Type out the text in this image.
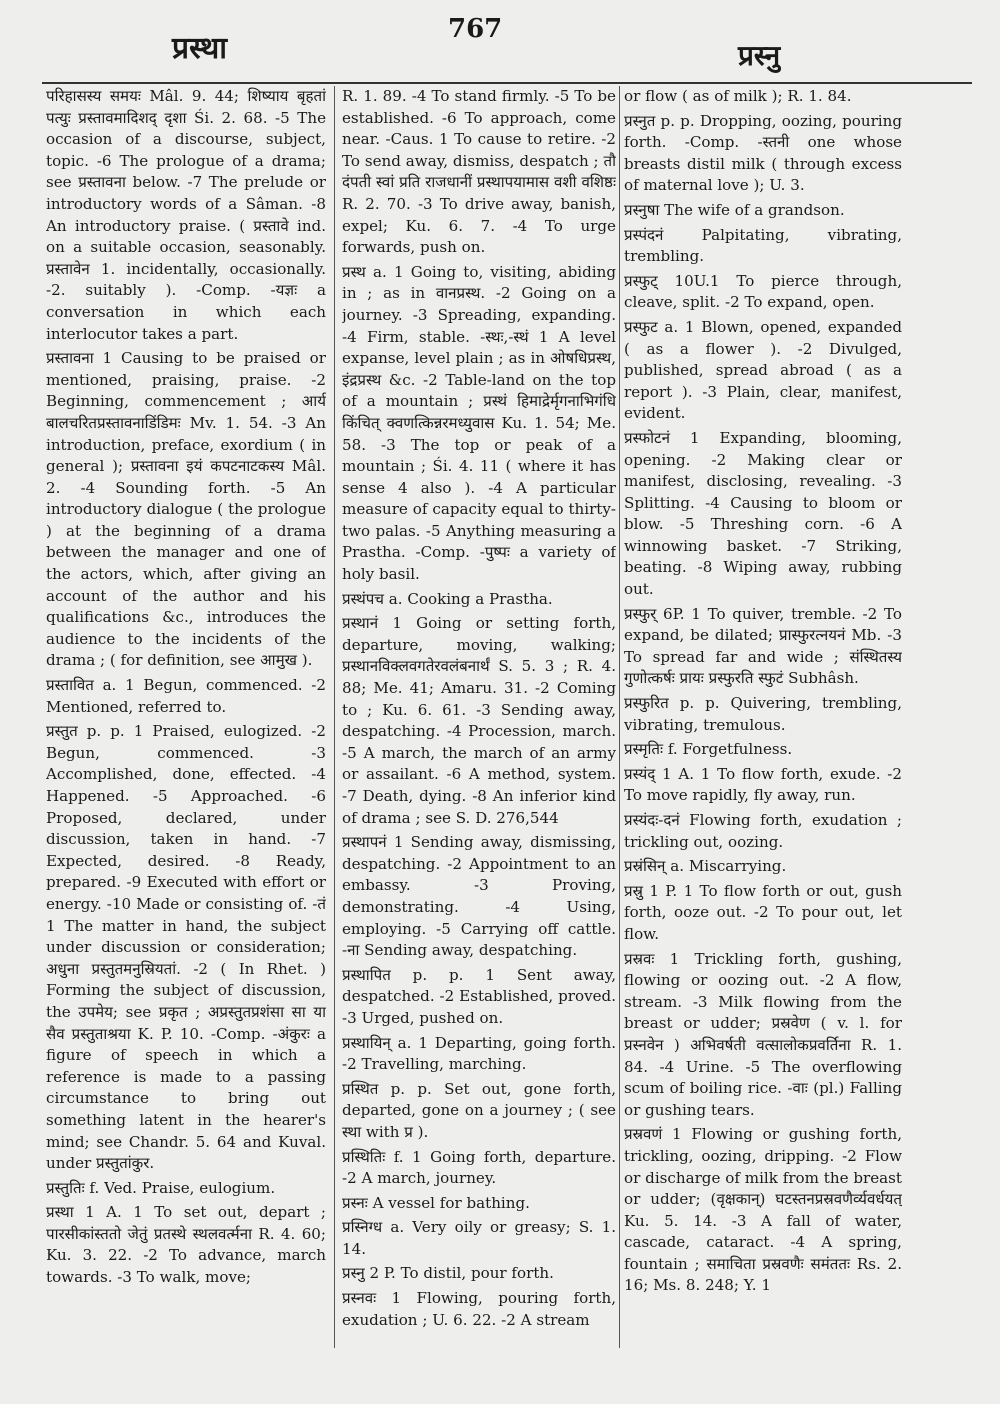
प्रस्था
767
प्रस्नु

परिहासस्य समयः Mâl. 9. 44; शिष्याय बृहतां पत्युः प्रस्तावमादिशद् दृशा Śi. 2. 68. -5 The occasion of a discourse, subject, topic. -6 The prologue of a drama; see प्रस्तावना below. -7 The prelude or introductory words of a Sâman. -8 An introductory praise. ( प्रस्तावे ind. on a suitable occasion, seasonably. प्रस्तावेन 1. incidentally, occasionally. -2. suitably ). -Comp. -यज्ञः a conversation in which each interlocutor takes a part.

प्रस्तावना 1 Causing to be praised or mentioned, praising, praise. -2 Beginning, commencement ; आर्य बालचरितप्रस्तावनाडिंडिमः Mv. 1. 54. -3 An introduction, preface, exordium ( in general ); प्रस्तावना इयं कपटनाटकस्य Mâl. 2. -4 Sounding forth. -5 An introductory dialogue ( the prologue ) at the beginning of a drama between the manager and one of the actors, which, after giving an account of the author and his qualifications &c., introduces the audience to the incidents of the drama ; ( for definition, see आमुख ).

प्रस्तावित a. 1 Begun, commenced. -2 Mentioned, referred to.

प्रस्तुत p. p. 1 Praised, eulogized. -2 Begun, commenced. -3 Accomplished, done, effected. -4 Happened. -5 Approached. -6 Proposed, declared, under discussion, taken in hand. -7 Expected, desired. -8 Ready, prepared. -9 Executed with effort or energy. -10 Made or consisting of. -तं 1 The matter in hand, the subject under discussion or consideration; अधुना प्रस्तुतमनुस्रियतां. -2 ( In Rhet. ) Forming the subject of discussion, the उपमेय; see प्रकृत ; अप्रस्तुतप्रशंसा सा या सैव प्रस्तुताश्रया K. P. 10. -Comp. -अंकुरः a figure of speech in which a reference is made to a passing circumstance to bring out something latent in the hearer's mind; see Chandr. 5. 64 and Kuval. under प्रस्तुतांकुर.

प्रस्तुतिः f. Ved. Praise, eulogium.

प्रस्था 1 A. 1 To set out, depart ; पारसीकांस्ततो जेतुं प्रतस्थे स्थलवर्त्मना R. 4. 60; Ku. 3. 22. -2 To advance, march towards. -3 To walk, move;

R. 1. 89. -4 To stand firmly. -5 To be established. -6 To approach, come near. -Caus. 1 To cause to retire. -2 To send away, dismiss, despatch ; तौ दंपती स्वां प्रति राजधानीं प्रस्थापयामास वशी वशिष्ठः R. 2. 70. -3 To drive away, banish, expel; Ku. 6. 7. -4 To urge forwards, push on.

प्रस्थ a. 1 Going to, visiting, abiding in ; as in वानप्रस्थ. -2 Going on a journey. -3 Spreading, expanding. -4 Firm, stable. -स्थः,-स्थं 1 A level expanse, level plain ; as in ओषधिप्रस्थ, इंद्रप्रस्थ &c. -2 Table-land on the top of a mountain ; प्रस्थं हिमाद्रेर्मृगनाभिगंधि किंचित् क्वणत्किन्नरमध्युवास Ku. 1. 54; Me. 58. -3 The top or peak of a mountain ; Śi. 4. 11 ( where it has sense 4 also ). -4 A particular measure of capacity equal to thirty-two palas. -5 Anything measuring a Prastha. -Comp. -पुष्पः a variety of holy basil.

प्रस्थंपच a. Cooking a Prastha.

प्रस्थानं 1 Going or setting forth, departure, moving, walking; प्रस्थानविक्लवगतेरवलंबनार्थं S. 5. 3 ; R. 4. 88; Me. 41; Amaru. 31. -2 Coming to ; Ku. 6. 61. -3 Sending away, despatching. -4 Procession, march. -5 A march, the march of an army or assailant. -6 A method, system. -7 Death, dying. -8 An inferior kind of drama ; see S. D. 276,544

प्रस्थापनं 1 Sending away, dismissing, despatching. -2 Appointment to an embassy. -3 Proving, demonstrating. -4 Using, employing. -5 Carrying off cattle. -ना Sending away, despatching.

प्रस्थापित p. p. 1 Sent away, despatched. -2 Established, proved. -3 Urged, pushed on.

प्रस्थायिन् a. 1 Departing, going forth. -2 Travelling, marching.

प्रस्थित p. p. Set out, gone forth, departed, gone on a journey ; ( see स्था with प्र ).

प्रस्थितिः f. 1 Going forth, departure. -2 A march, journey.

प्रस्नः A vessel for bathing.

प्रस्निग्ध a. Very oily or greasy; S. 1. 14.

प्रस्नु 2 P. To distil, pour forth.

प्रस्नवः 1 Flowing, pouring forth, exudation ; U. 6. 22. -2 A stream

or flow ( as of milk ); R. 1. 84.

प्रस्नुत p. p. Dropping, oozing, pouring forth. -Comp. -स्तनी one whose breasts distil milk ( through excess of maternal love ); U. 3.

प्रस्नुषा The wife of a grandson.

प्रस्पंदनं Palpitating, vibrating, trembling.

प्रस्फुट् 10U.1 To pierce through, cleave, split. -2 To expand, open.

प्रस्फुट a. 1 Blown, opened, expanded ( as a flower ). -2 Divulged, published, spread abroad ( as a report ). -3 Plain, clear, manifest, evident.

प्रस्फोटनं 1 Expanding, blooming, opening. -2 Making clear or manifest, disclosing, revealing. -3 Splitting. -4 Causing to bloom or blow. -5 Threshing corn. -6 A winnowing basket. -7 Striking, beating. -8 Wiping away, rubbing out.

प्रस्फुर् 6P. 1 To quiver, tremble. -2 To expand, be dilated; प्रास्फुरत्नयनं Mb. -3 To spread far and wide ; संस्थितस्य गुणोत्कर्षः प्रायः प्रस्फुरति स्फुटं Subhâsh.

प्रस्फुरित p. p. Quivering, trembling, vibrating, tremulous.

प्रस्मृतिः f. Forgetfulness.

प्रस्यंद् 1 A. 1 To flow forth, exude. -2 To move rapidly, fly away, run.

प्रस्यंदः-दनं Flowing forth, exudation ; trickling out, oozing.

प्रस्रंसिन् a. Miscarrying.

प्रस्रु 1 P. 1 To flow forth or out, gush forth, ooze out. -2 To pour out, let flow.

प्रस्रवः 1 Trickling forth, gushing, flowing or oozing out. -2 A flow, stream. -3 Milk flowing from the breast or udder; प्रस्रवेण ( v. l. for प्रस्नवेन ) अभिवर्षती वत्सालोकप्रवर्तिना R. 1. 84. -4 Urine. -5 The overflowing scum of boiling rice. -वाः (pl.) Falling or gushing tears.

प्रस्रवणं 1 Flowing or gushing forth, trickling, oozing, dripping. -2 Flow or discharge of milk from the breast or udder; (वृक्षकान्) घटस्तनप्रस्रवणैर्व्यवर्धयत् Ku. 5. 14. -3 A fall of water, cascade, cataract. -4 A spring, fountain ; समाचिता प्रस्रवणैः समंततः Rs. 2. 16; Ms. 8. 248; Y. 1
